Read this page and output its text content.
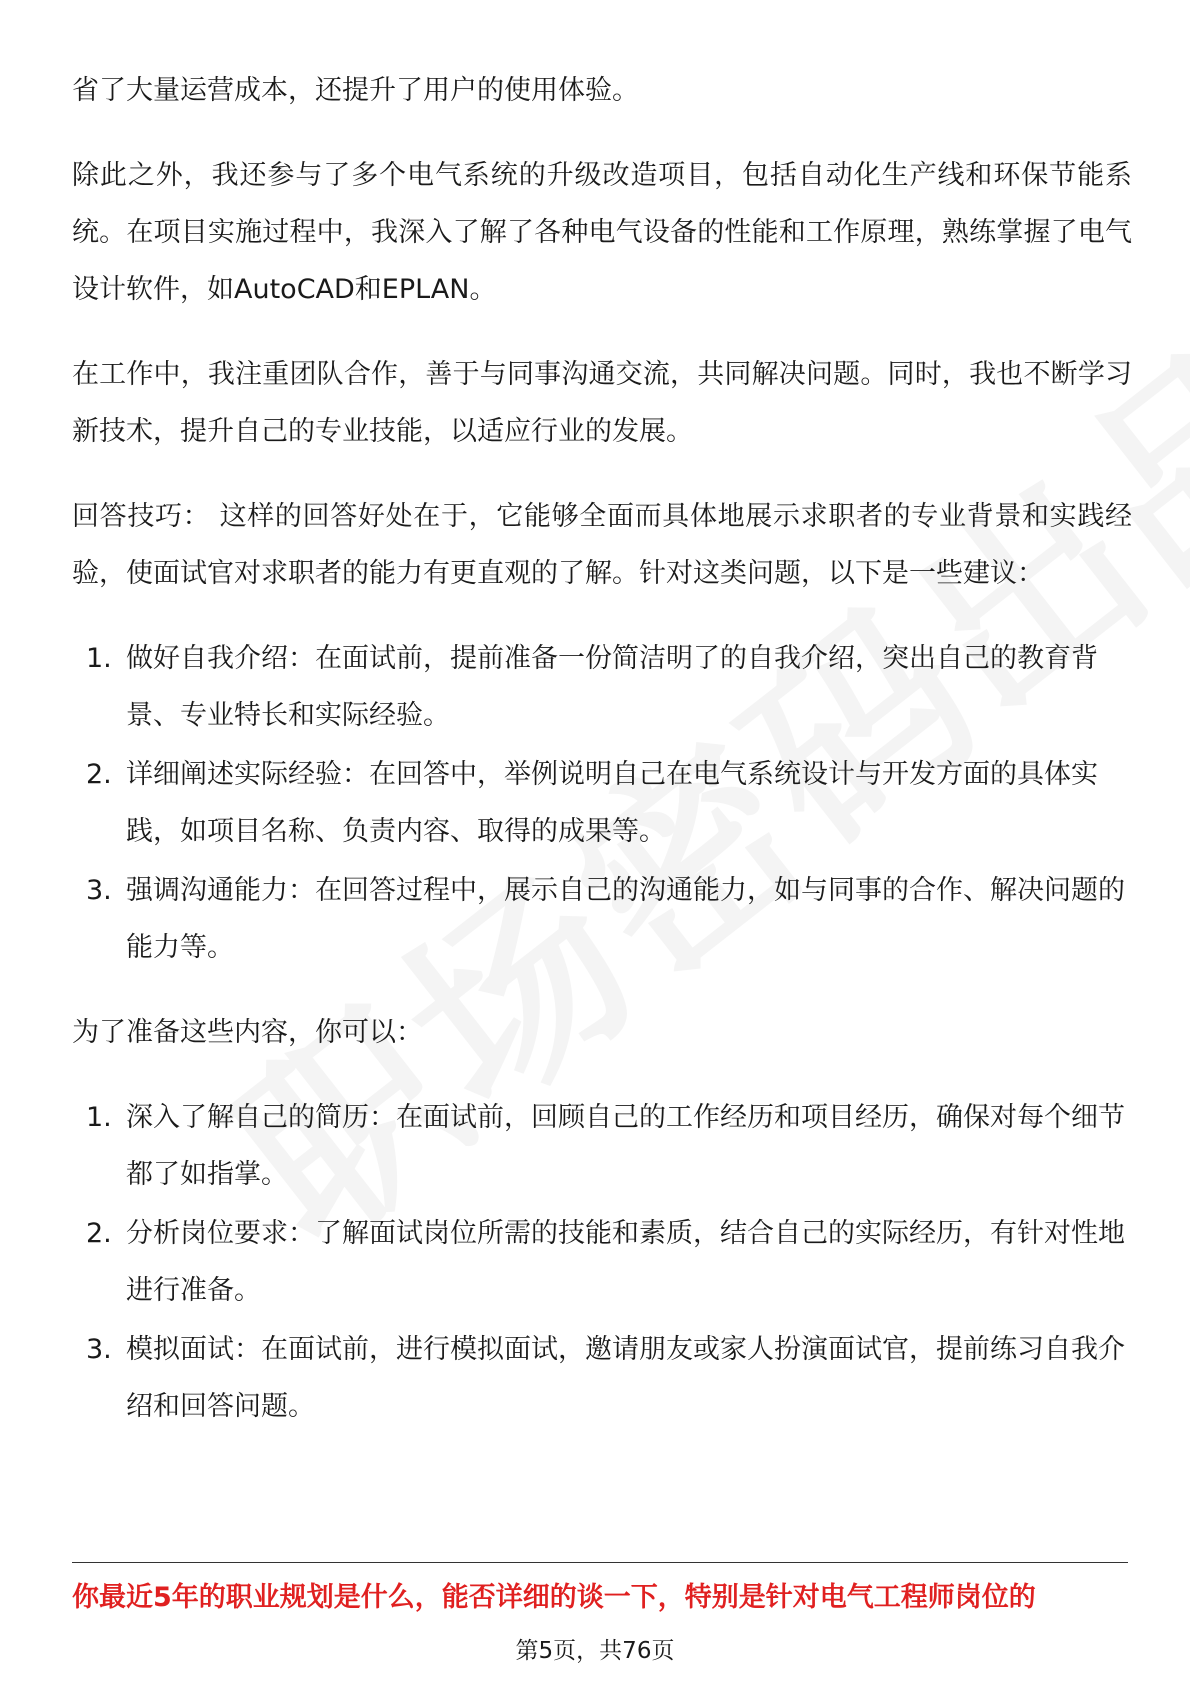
省了大量运营成本，还提升了用户的使用体验。

除此之外，我还参与了多个电气系统的升级改造项目，包括自动化生产线和环保节能系统。在项目实施过程中，我深入了解了各种电气设备的性能和工作原理，熟练掌握了电气设计软件，如AutoCAD和EPLAN。

在工作中，我注重团队合作，善于与同事沟通交流，共同解决问题。同时，我也不断学习新技术，提升自己的专业技能，以适应行业的发展。

回答技巧： 这样的回答好处在于，它能够全面而具体地展示求职者的专业背景和实践经验，使面试官对求职者的能力有更直观的了解。针对这类问题，以下是一些建议：

1. 做好自我介绍：在面试前，提前准备一份简洁明了的自我介绍，突出自己的教育背景、专业特长和实际经验。
2. 详细阐述实际经验：在回答中，举例说明自己在电气系统设计与开发方面的具体实践，如项目名称、负责内容、取得的成果等。
3. 强调沟通能力：在回答过程中，展示自己的沟通能力，如与同事的合作、解决问题的能力等。

为了准备这些内容，你可以：

1. 深入了解自己的简历：在面试前，回顾自己的工作经历和项目经历，确保对每个细节都了如指掌。
2. 分析岗位要求：了解面试岗位所需的技能和素质，结合自己的实际经历，有针对性地进行准备。
3. 模拟面试：在面试前，进行模拟面试，邀请朋友或家人扮演面试官，提前练习自我介绍和回答问题。
你最近5年的职业规划是什么，能否详细的谈一下，特别是针对电气工程师岗位的
第5页，共76页
